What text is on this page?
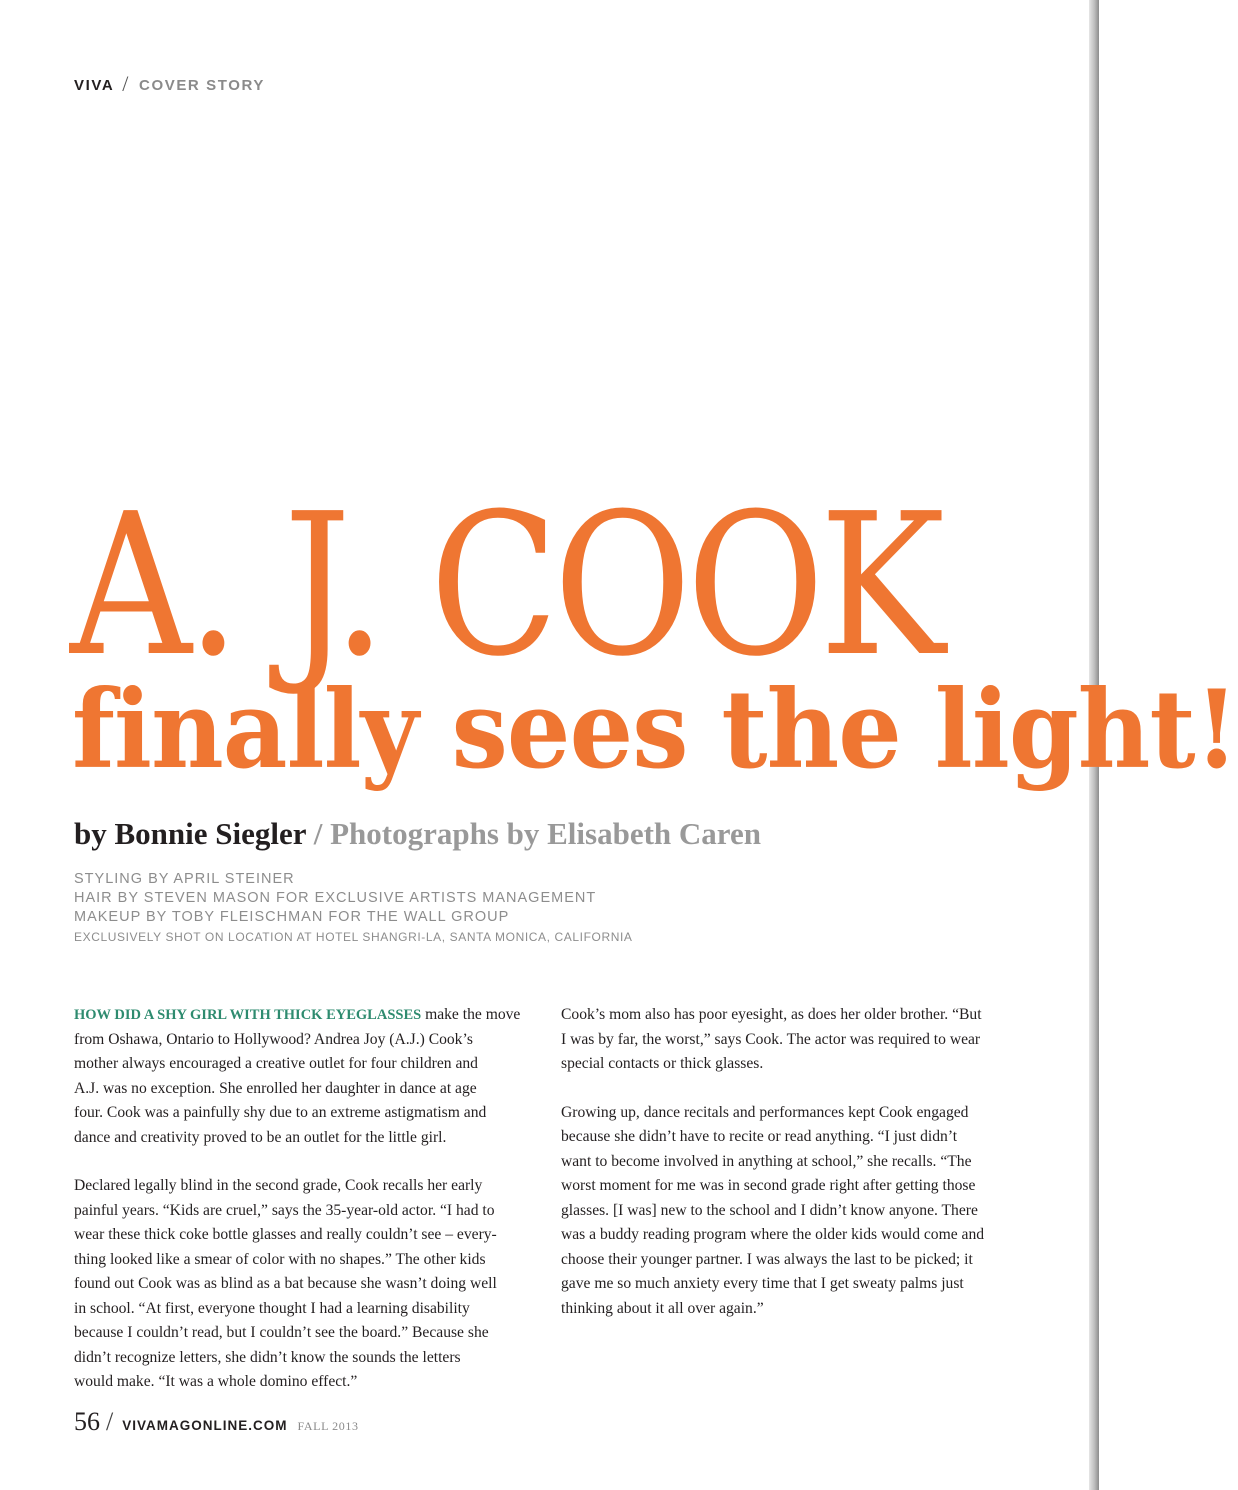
VIVA / COVER STORY
A. J. COOK
finally sees the light!
by Bonnie Siegler / Photographs by Elisabeth Caren
STYLING BY APRIL STEINER
HAIR BY STEVEN MASON FOR EXCLUSIVE ARTISTS MANAGEMENT
MAKEUP BY TOBY FLEISCHMAN FOR THE WALL GROUP
EXCLUSIVELY SHOT ON LOCATION AT HOTEL SHANGRI-LA, SANTA MONICA, CALIFORNIA

HOW DID A SHY GIRL WITH THICK EYEGLASSES make the move
from Oshawa, Ontario to Hollywood? Andrea Joy (A.J.) Cook’s
mother always encouraged a creative outlet for four children and
A.J. was no exception. She enrolled her daughter in dance at age
four. Cook was a painfully shy due to an extreme astigmatism and
dance and creativity proved to be an outlet for the little girl.

Declared legally blind in the second grade, Cook recalls her early
painful years. “Kids are cruel,” says the 35-year-old actor. “I had to
wear these thick coke bottle glasses and really couldn’t see – every-
thing looked like a smear of color with no shapes.” The other kids
found out Cook was as blind as a bat because she wasn’t doing well
in school. “At first, everyone thought I had a learning disability
because I couldn’t read, but I couldn’t see the board.” Because she
didn’t recognize letters, she didn’t know the sounds the letters
would make. “It was a whole domino effect.”

Cook’s mom also has poor eyesight, as does her older brother. “But
I was by far, the worst,” says Cook. The actor was required to wear
special contacts or thick glasses.

Growing up, dance recitals and performances kept Cook engaged
because she didn’t have to recite or read anything. “I just didn’t
want to become involved in anything at school,” she recalls. “The
worst moment for me was in second grade right after getting those
glasses. [I was] new to the school and I didn’t know anyone. There
was a buddy reading program where the older kids would come and
choose their younger partner. I was always the last to be picked; it
gave me so much anxiety every time that I get sweaty palms just
thinking about it all over again.”

56 / VIVAMAGONLINE.COM FALL 2013
